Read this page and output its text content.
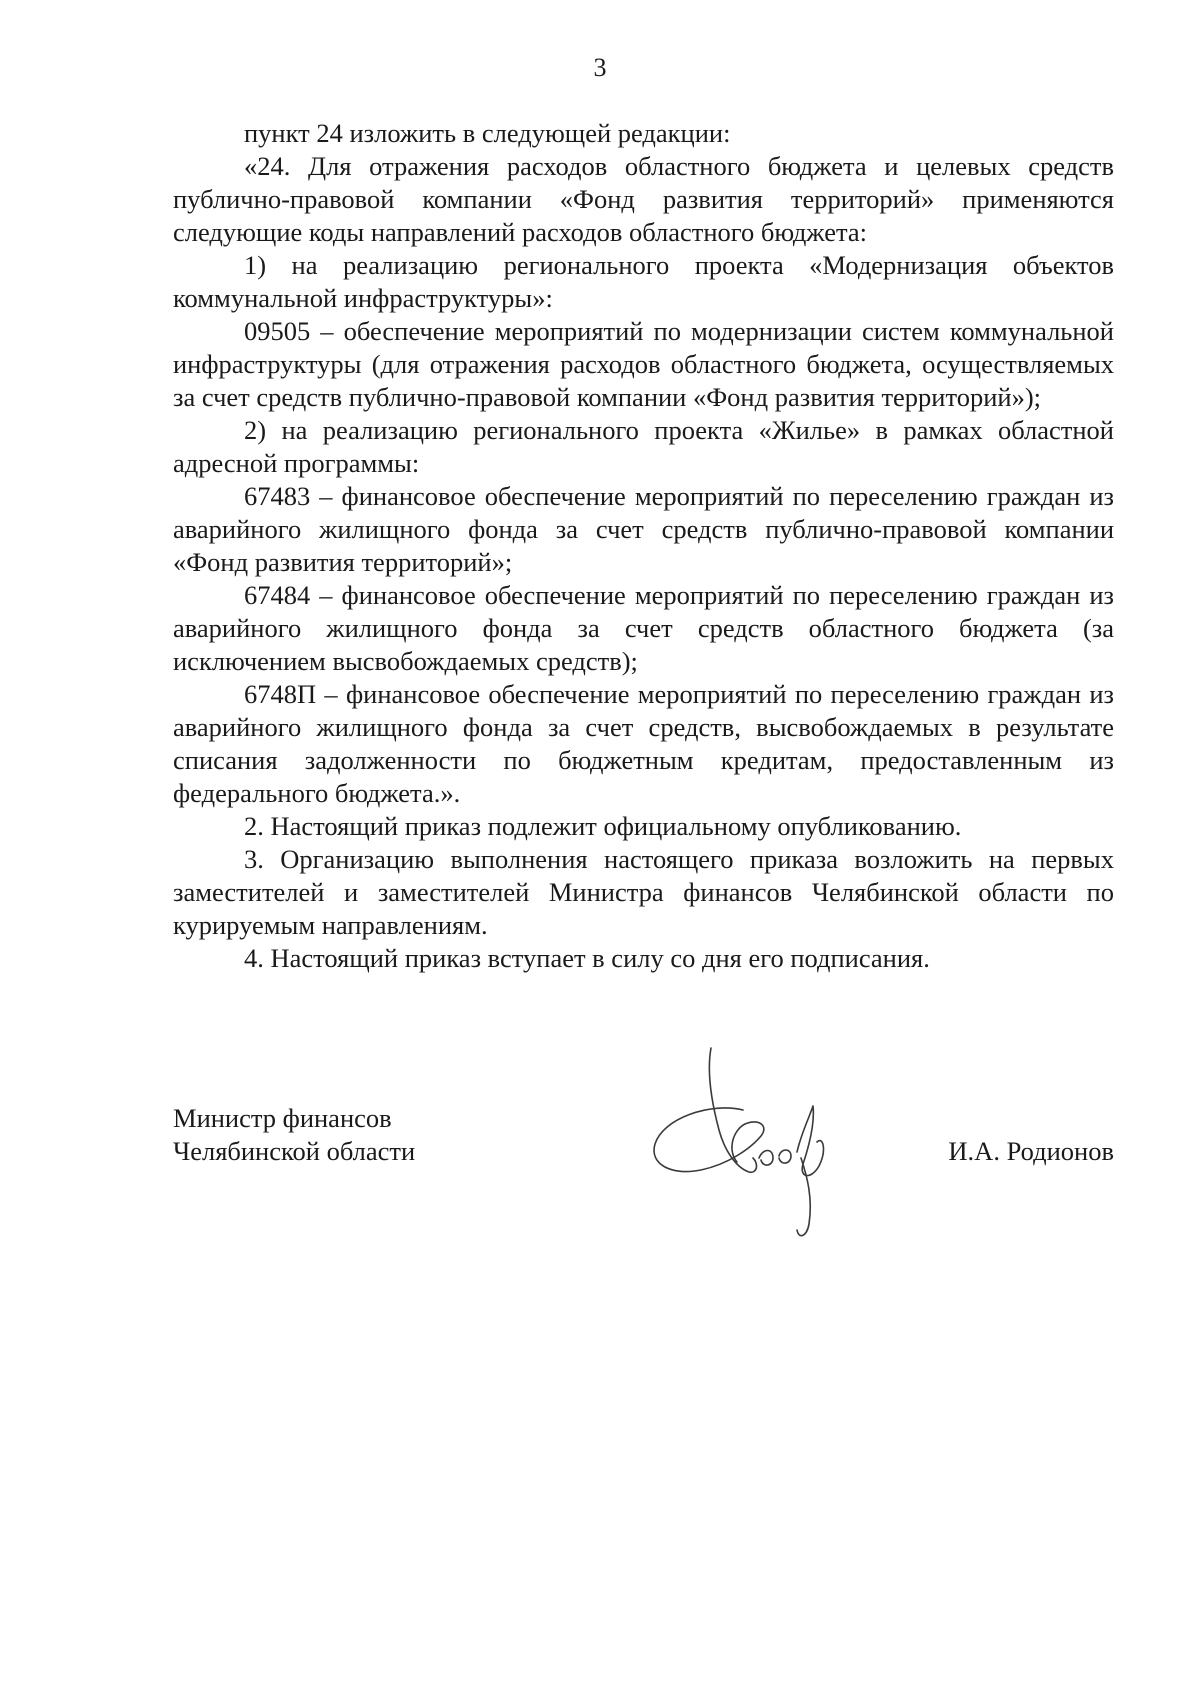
3

пункт 24 изложить в следующей редакции:

«24. Для отражения расходов областного бюджета и целевых средств публично-правовой компании «Фонд развития территорий» применяются следующие коды направлений расходов областного бюджета:

1) на реализацию регионального проекта «Модернизация объектов коммунальной инфраструктуры»:

09505 – обеспечение мероприятий по модернизации систем коммунальной инфраструктуры (для отражения расходов областного бюджета, осуществляемых за счет средств публично-правовой компании «Фонд развития территорий»);

2) на реализацию регионального проекта «Жилье» в рамках областной адресной программы:

67483 – финансовое обеспечение мероприятий по переселению граждан из аварийного жилищного фонда за счет средств публично-правовой компании «Фонд развития территорий»;

67484 – финансовое обеспечение мероприятий по переселению граждан из аварийного жилищного фонда за счет средств областного бюджета (за исключением высвобождаемых средств);

6748П – финансовое обеспечение мероприятий по переселению граждан из аварийного жилищного фонда за счет средств, высвобождаемых в результате списания задолженности по бюджетным кредитам, предоставленным из федерального бюджета.».

2. Настоящий приказ подлежит официальному опубликованию.

3. Организацию выполнения настоящего приказа возложить на первых заместителей и заместителей Министра финансов Челябинской области по курируемым направлениям.

4. Настоящий приказ вступает в силу со дня его подписания.

Министр финансов
Челябинской области	И.А. Родионов
